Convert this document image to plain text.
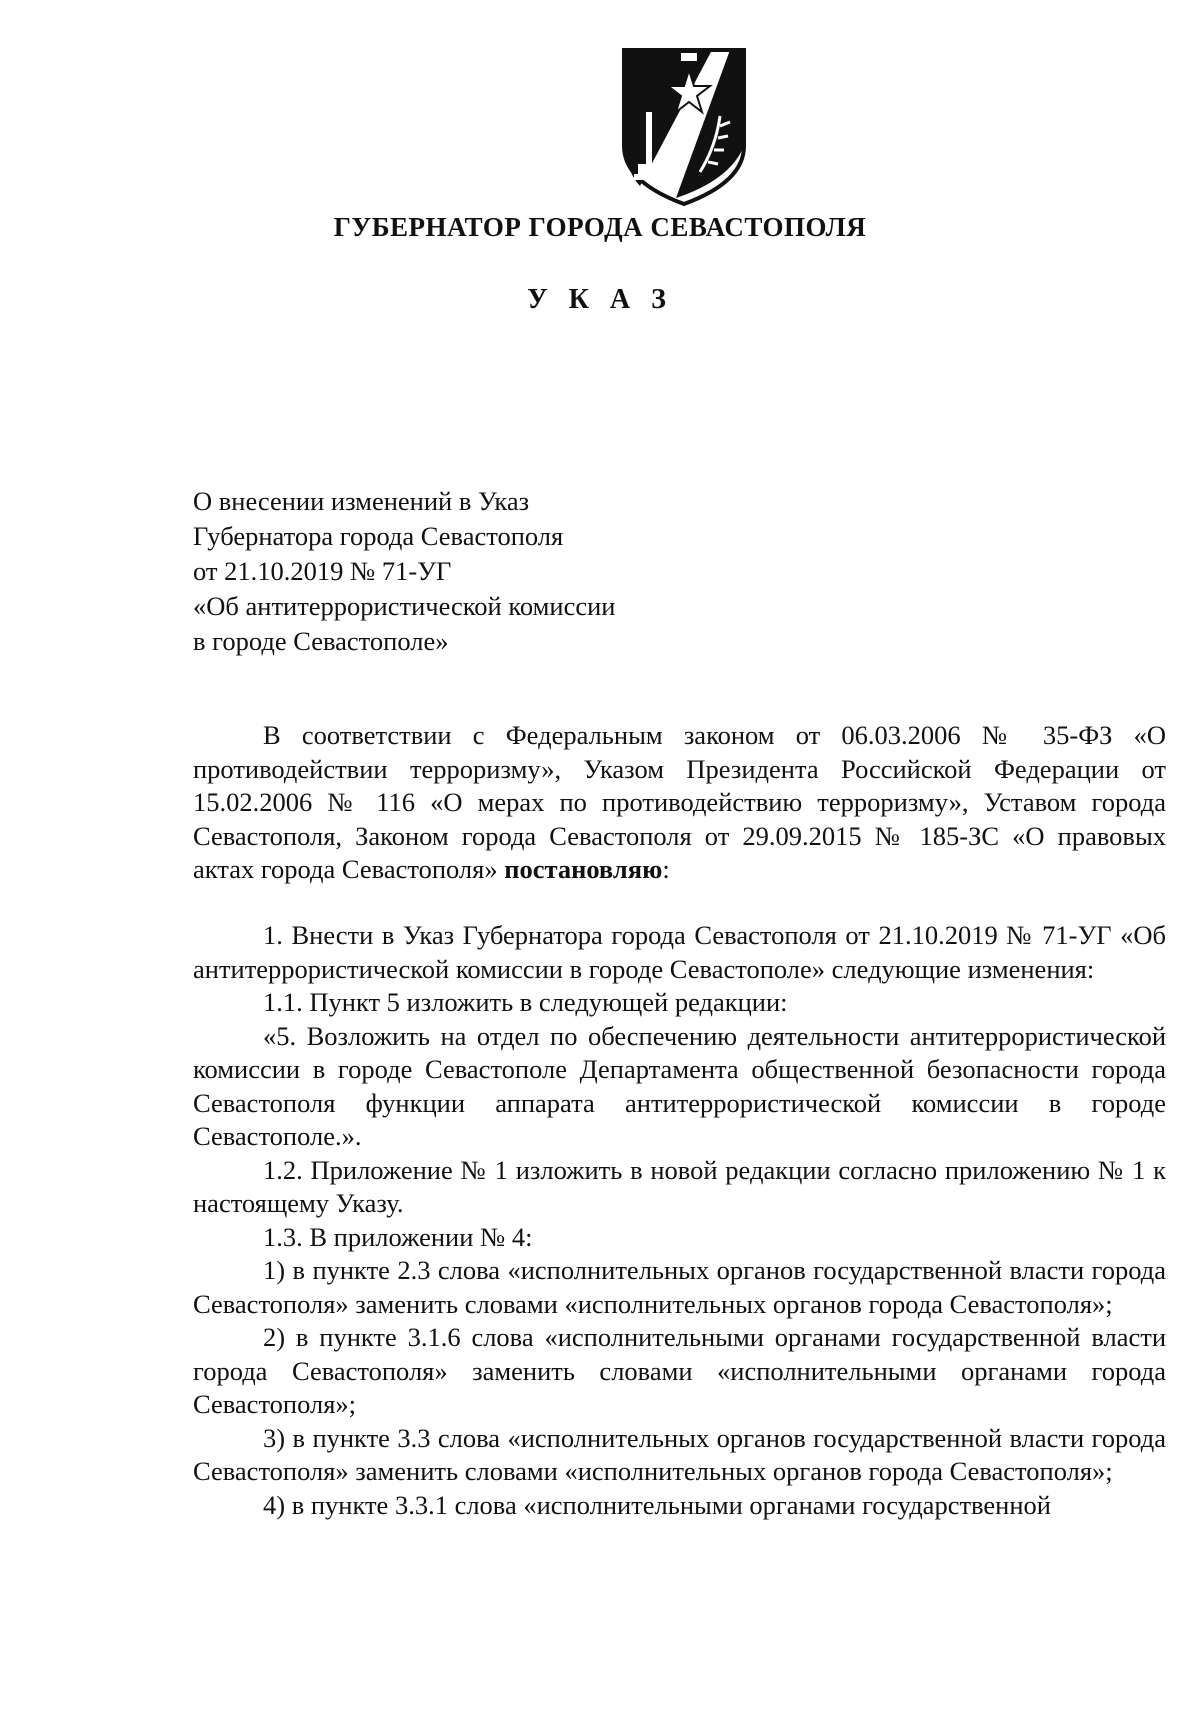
ГУБЕРНАТОР ГОРОДА СЕВАСТОПОЛЯ
У К А З
О внесении изменений в Указ
Губернатора города Севастополя
от 21.10.2019 № 71-УГ
«Об антитеррористической комиссии
в городе Севастополе»

В соответствии с Федеральным законом от 06.03.2006 № 35-ФЗ «О противодействии терроризму», Указом Президента Российской Федерации от 15.02.2006 № 116 «О мерах по противодействию терроризму», Уставом города Севастополя, Законом города Севастополя от 29.09.2015 № 185-ЗС «О правовых актах города Севастополя» постановляю:

1. Внести в Указ Губернатора города Севастополя от 21.10.2019 № 71-УГ «Об антитеррористической комиссии в городе Севастополе» следующие изменения:

1.1. Пункт 5 изложить в следующей редакции:

«5. Возложить на отдел по обеспечению деятельности антитеррористической комиссии в городе Севастополе Департамента общественной безопасности города Севастополя функции аппарата антитеррористической комиссии в городе Севастополе.».

1.2. Приложение № 1 изложить в новой редакции согласно приложению № 1 к настоящему Указу.

1.3. В приложении № 4:

1) в пункте 2.3 слова «исполнительных органов государственной власти города Севастополя» заменить словами «исполнительных органов города Севастополя»;

2) в пункте 3.1.6 слова «исполнительными органами государственной власти города Севастополя» заменить словами «исполнительными органами города Севастополя»;

3) в пункте 3.3 слова «исполнительных органов государственной власти города Севастополя» заменить словами «исполнительных органов города Севастополя»;

4) в пункте 3.3.1 слова «исполнительными органами государственной
